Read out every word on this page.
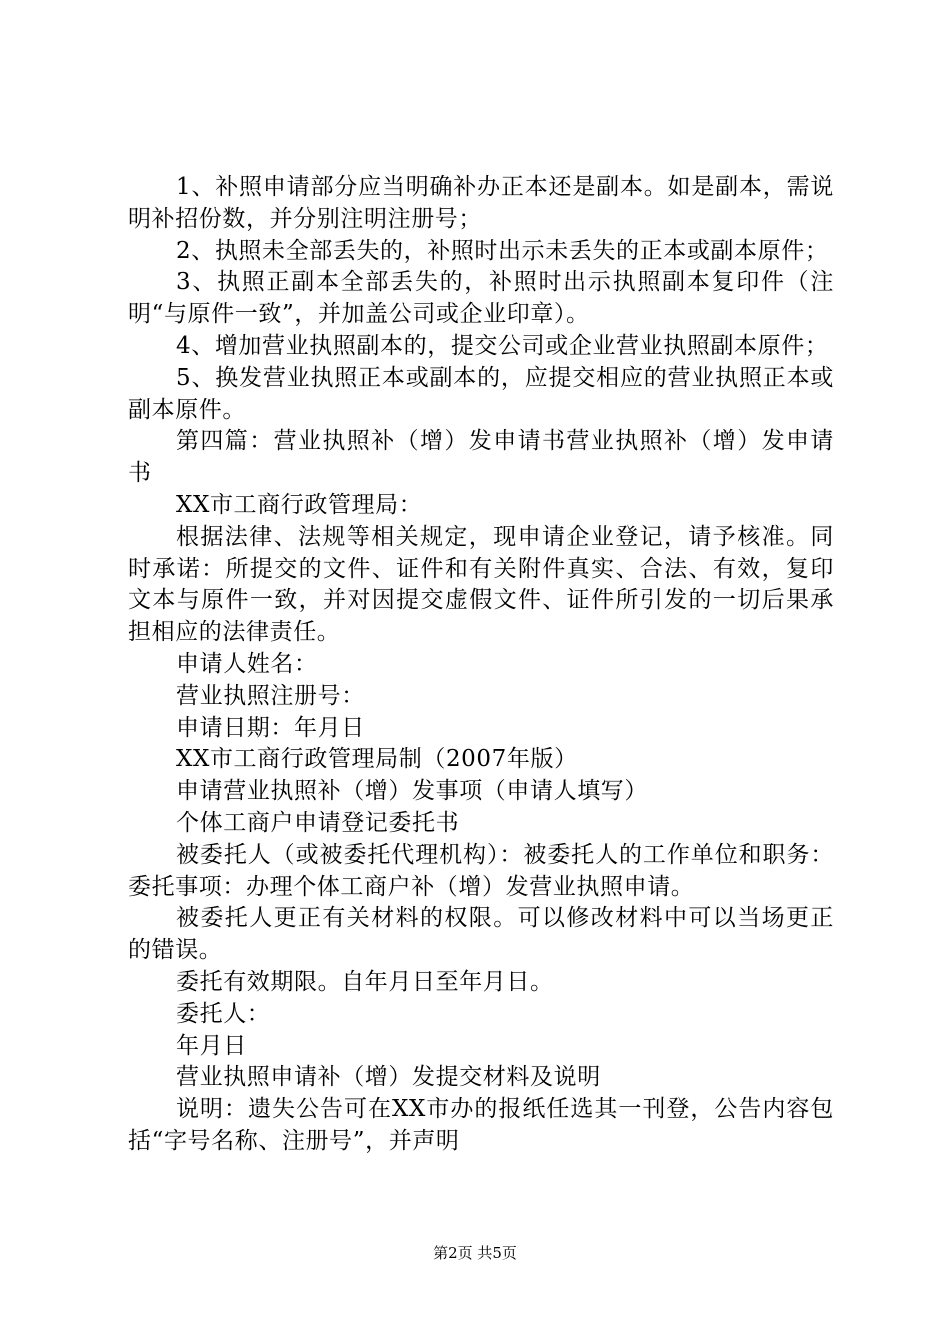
1、补照申请部分应当明确补办正本还是副本。如是副本，需说明补招份数，并分别注明注册号；

2、执照未全部丢失的，补照时出示未丢失的正本或副本原件；

3、执照正副本全部丢失的，补照时出示执照副本复印件（注明“与原件一致”，并加盖公司或企业印章）。

4、增加营业执照副本的，提交公司或企业营业执照副本原件；

5、换发营业执照正本或副本的，应提交相应的营业执照正本或副本原件。

第四篇：营业执照补（增）发申请书营业执照补（增）发申请书

XX市工商行政管理局：

根据法律、法规等相关规定，现申请企业登记，请予核准。同时承诺：所提交的文件、证件和有关附件真实、合法、有效，复印文本与原件一致，并对因提交虚假文件、证件所引发的一切后果承担相应的法律责任。

申请人姓名：

营业执照注册号：

申请日期：年月日

XX市工商行政管理局制（2007年版）

申请营业执照补（增）发事项（申请人填写）

个体工商户申请登记委托书

被委托人（或被委托代理机构）：被委托人的工作单位和职务：委托事项：办理个体工商户补（增）发营业执照申请。

被委托人更正有关材料的权限。可以修改材料中可以当场更正的错误。

委托有效期限。自年月日至年月日。

委托人：

年月日

营业执照申请补（增）发提交材料及说明

说明：遗失公告可在XX市办的报纸任选其一刊登，公告内容包括“字号名称、注册号”，并声明

第2页 共5页
